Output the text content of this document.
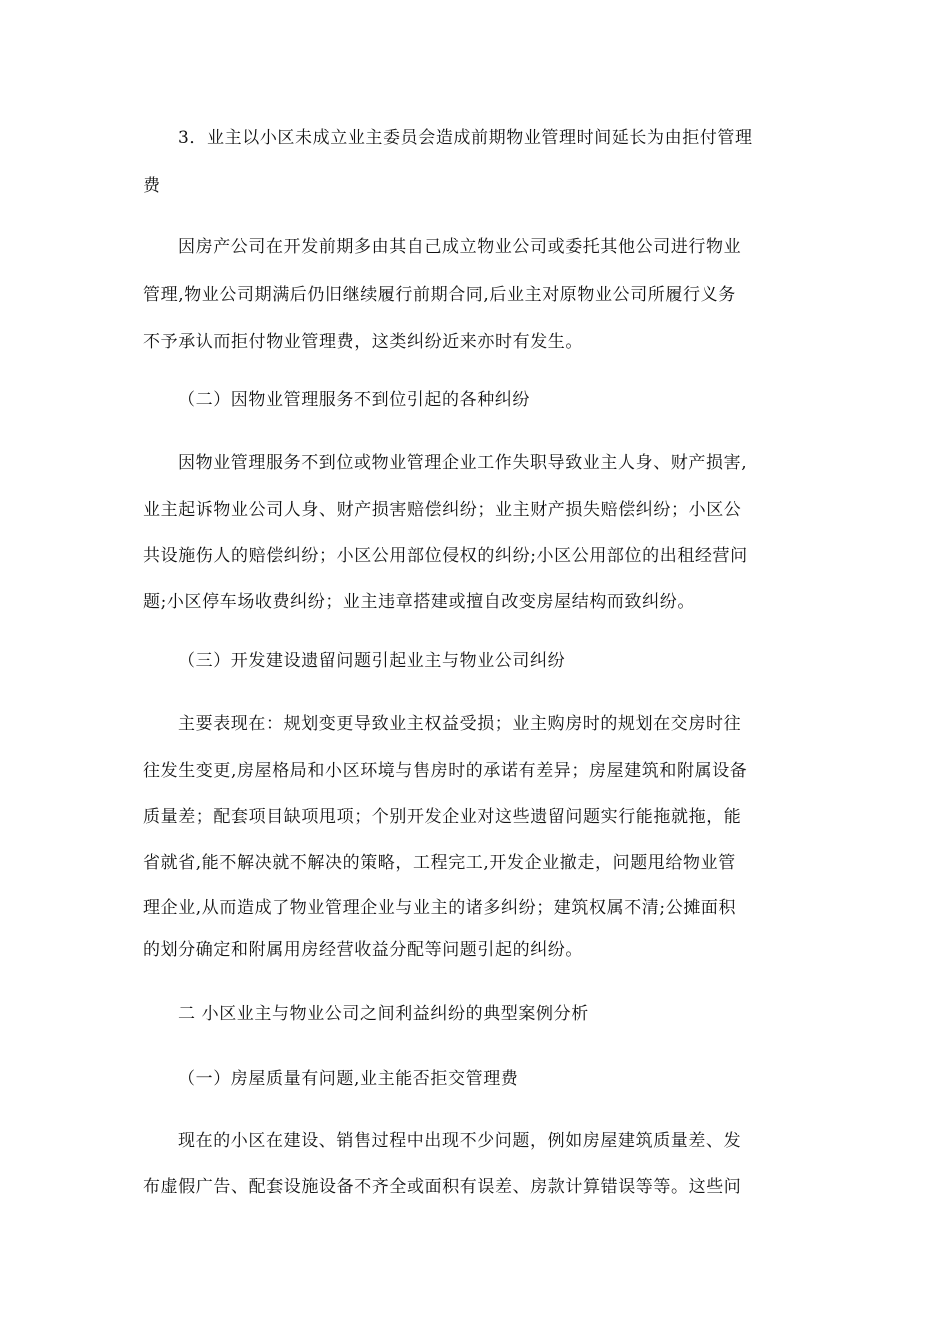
3．业主以小区未成立业主委员会造成前期物业管理时间延长为由拒付管理
费
因房产公司在开发前期多由其自己成立物业公司或委托其他公司进行物业
管理,物业公司期满后仍旧继续履行前期合同,后业主对原物业公司所履行义务
不予承认而拒付物业管理费，这类纠纷近来亦时有发生。
（二）因物业管理服务不到位引起的各种纠纷
因物业管理服务不到位或物业管理企业工作失职导致业主人身、财产损害,
业主起诉物业公司人身、财产损害赔偿纠纷；业主财产损失赔偿纠纷；小区公
共设施伤人的赔偿纠纷；小区公用部位侵权的纠纷;小区公用部位的出租经营问
题;小区停车场收费纠纷；业主违章搭建或擅自改变房屋结构而致纠纷。
（三）开发建设遗留问题引起业主与物业公司纠纷
主要表现在：规划变更导致业主权益受损；业主购房时的规划在交房时往
往发生变更,房屋格局和小区环境与售房时的承诺有差异；房屋建筑和附属设备
质量差；配套项目缺项甩项；个别开发企业对这些遗留问题实行能拖就拖，能
省就省,能不解决就不解决的策略，工程完工,开发企业撤走，问题甩给物业管
理企业,从而造成了物业管理企业与业主的诸多纠纷；建筑权属不清;公摊面积
的划分确定和附属用房经营收益分配等问题引起的纠纷。
二 小区业主与物业公司之间利益纠纷的典型案例分析
（一）房屋质量有问题,业主能否拒交管理费
现在的小区在建设、销售过程中出现不少问题，例如房屋建筑质量差、发
布虚假广告、配套设施设备不齐全或面积有误差、房款计算错误等等。这些问
